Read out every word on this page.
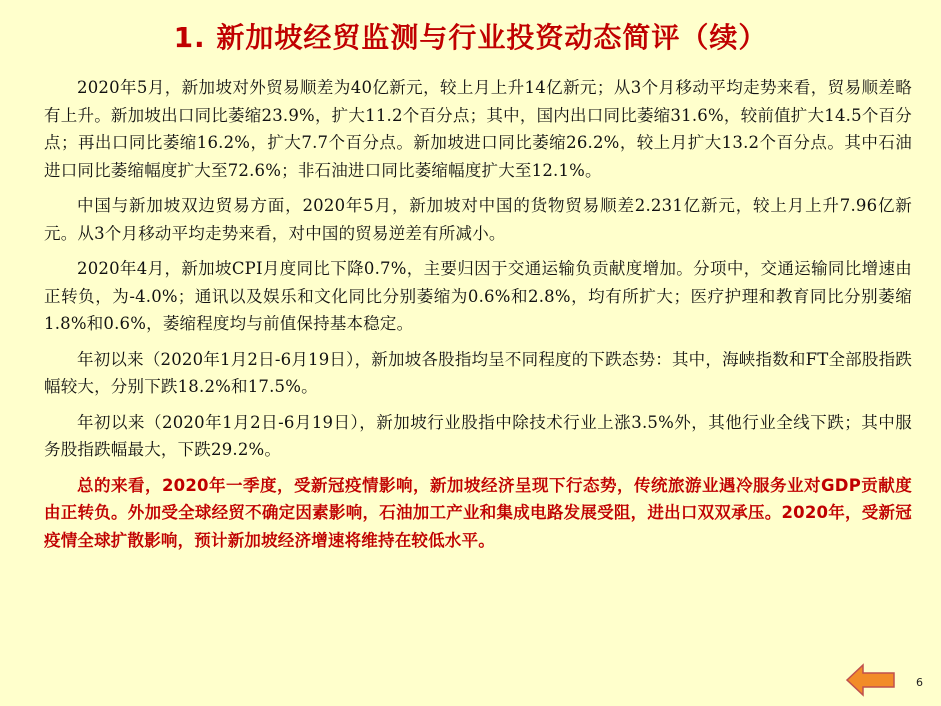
1. 新加坡经贸监测与行业投资动态简评（续）

2020年5月，新加坡对外贸易顺差为40亿新元，较上月上升14亿新元；从3个月移动平均走势来看，贸易顺差略有上升。新加坡出口同比萎缩23.9%，扩大11.2个百分点；其中，国内出口同比萎缩31.6%，较前值扩大14.5个百分点；再出口同比萎缩16.2%，扩大7.7个百分点。新加坡进口同比萎缩26.2%，较上月扩大13.2个百分点。其中石油进口同比萎缩幅度扩大至72.6%；非石油进口同比萎缩幅度扩大至12.1%。

中国与新加坡双边贸易方面，2020年5月，新加坡对中国的货物贸易顺差2.231亿新元，较上月上升7.96亿新元。从3个月移动平均走势来看，对中国的贸易逆差有所减小。

2020年4月，新加坡CPI月度同比下降0.7%，主要归因于交通运输负贡献度增加。分项中，交通运输同比增速由正转负，为-4.0%；通讯以及娱乐和文化同比分别萎缩为0.6%和2.8%，均有所扩大；医疗护理和教育同比分别萎缩1.8%和0.6%，萎缩程度均与前值保持基本稳定。

年初以来（2020年1月2日-6月19日），新加坡各股指均呈不同程度的下跌态势：其中，海峡指数和FT全部股指跌幅较大，分别下跌18.2%和17.5%。

年初以来（2020年1月2日-6月19日），新加坡行业股指中除技术行业上涨3.5%外，其他行业全线下跌；其中服务股指跌幅最大，下跌29.2%。

总的来看，2020年一季度，受新冠疫情影响，新加坡经济呈现下行态势，传统旅游业遇冷服务业对GDP贡献度由正转负。外加受全球经贸不确定因素影响，石油加工产业和集成电路发展受阻，进出口双双承压。2020年，受新冠疫情全球扩散影响，预计新加坡经济增速将维持在较低水平。

6
